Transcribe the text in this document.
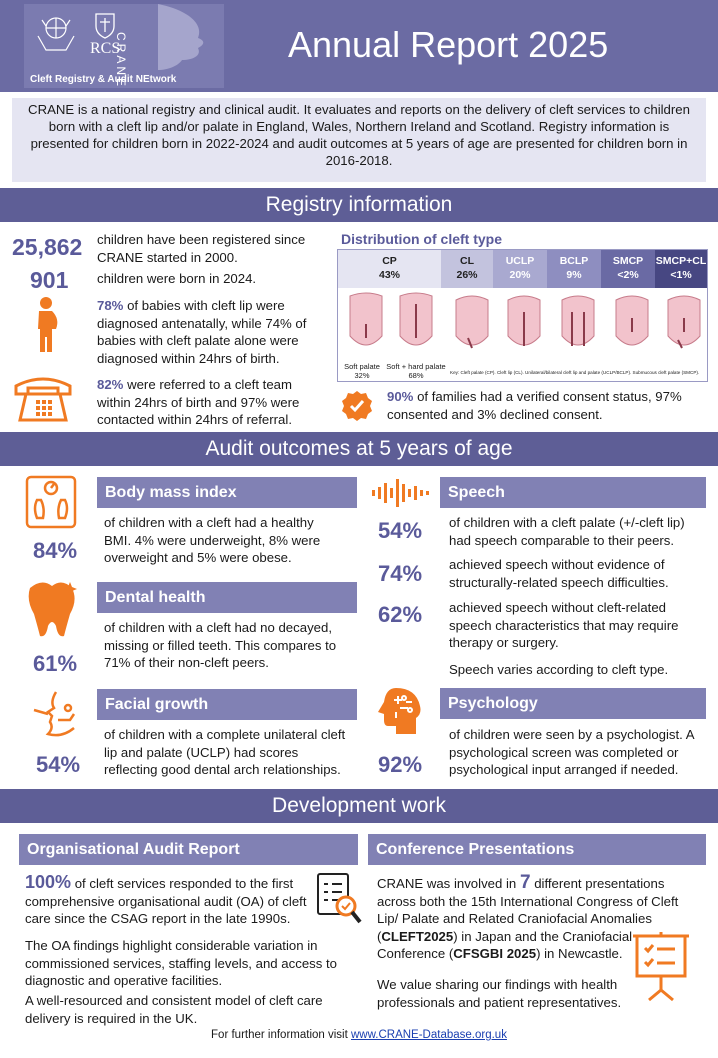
RCS
CRANE
Cleft Registry & Audit NEtwork
Annual Report 2025
CRANE is a national registry and clinical audit. It evaluates and reports on the delivery of cleft services to children born with a cleft lip and/or palate in England, Wales, Northern Ireland and Scotland. Registry information is presented for children born in 2022-2024 and audit outcomes at 5 years of age are presented for children born in 2016-2018.
Registry information
25,862 children have been registered since CRANE started in 2000.
901 children were born in 2024.
78% of babies with cleft lip were diagnosed antenatally, while 74% of babies with cleft palate alone were diagnosed within 24hrs of birth.
82% were referred to a cleft team within 24hrs of birth and 97% were contacted within 24hrs of referral.
Distribution of cleft type
CP
43%
CL
26%
UCLP
20%
BCLP
9%
SMCP
<2%
SMCP+CL
<1%
Soft palate
32%
Soft + hard palate
68%	Key: Cleft palate (CP). Cleft lip (CL). Unilateral/bilateral cleft lip and palate (UCLP/BCLP). Submucous cleft palate (SMCP).
90% of families had a verified consent status, 97% consented and 3% declined consent.
Audit outcomes at 5 years of age
Body mass index
of children with a cleft had a healthy BMI. 4% were underweight, 8% were overweight and 5% were obese.
84%
Dental health
of children with a cleft had no decayed, missing or filled teeth. This compares to 71% of their non-cleft peers.
61%
Facial growth
of children with a complete unilateral cleft lip and palate (UCLP) had scores reflecting good dental arch relationships.
54%
Speech
54% of children with a cleft palate (+/-cleft lip) had speech comparable to their peers.
74% achieved speech without evidence of structurally-related speech difficulties.
62% achieved speech without cleft-related speech characteristics that may require therapy or surgery.
Speech varies according to cleft type.
Psychology
of children were seen by a psychologist. A psychological screen was completed or psychological input arranged if needed.
92%
Development work
Organisational Audit Report
100% of cleft services responded to the first comprehensive organisational audit (OA) of cleft care since the CSAG report in the late 1990s.
The OA findings highlight considerable variation in commissioned services, staffing levels, and access to diagnostic and operative facilities.
A well-resourced and consistent model of cleft care delivery is required in the UK.
Conference Presentations
CRANE was involved in 7 different presentations across both the 15th International Congress of Cleft Lip/ Palate and Related Craniofacial Anomalies (CLEFT2025) in Japan and the Craniofacial Conference (CFSGBI 2025) in Newcastle.
We value sharing our findings with health professionals and patient representatives.
For further information visit www.CRANE-Database.org.uk
